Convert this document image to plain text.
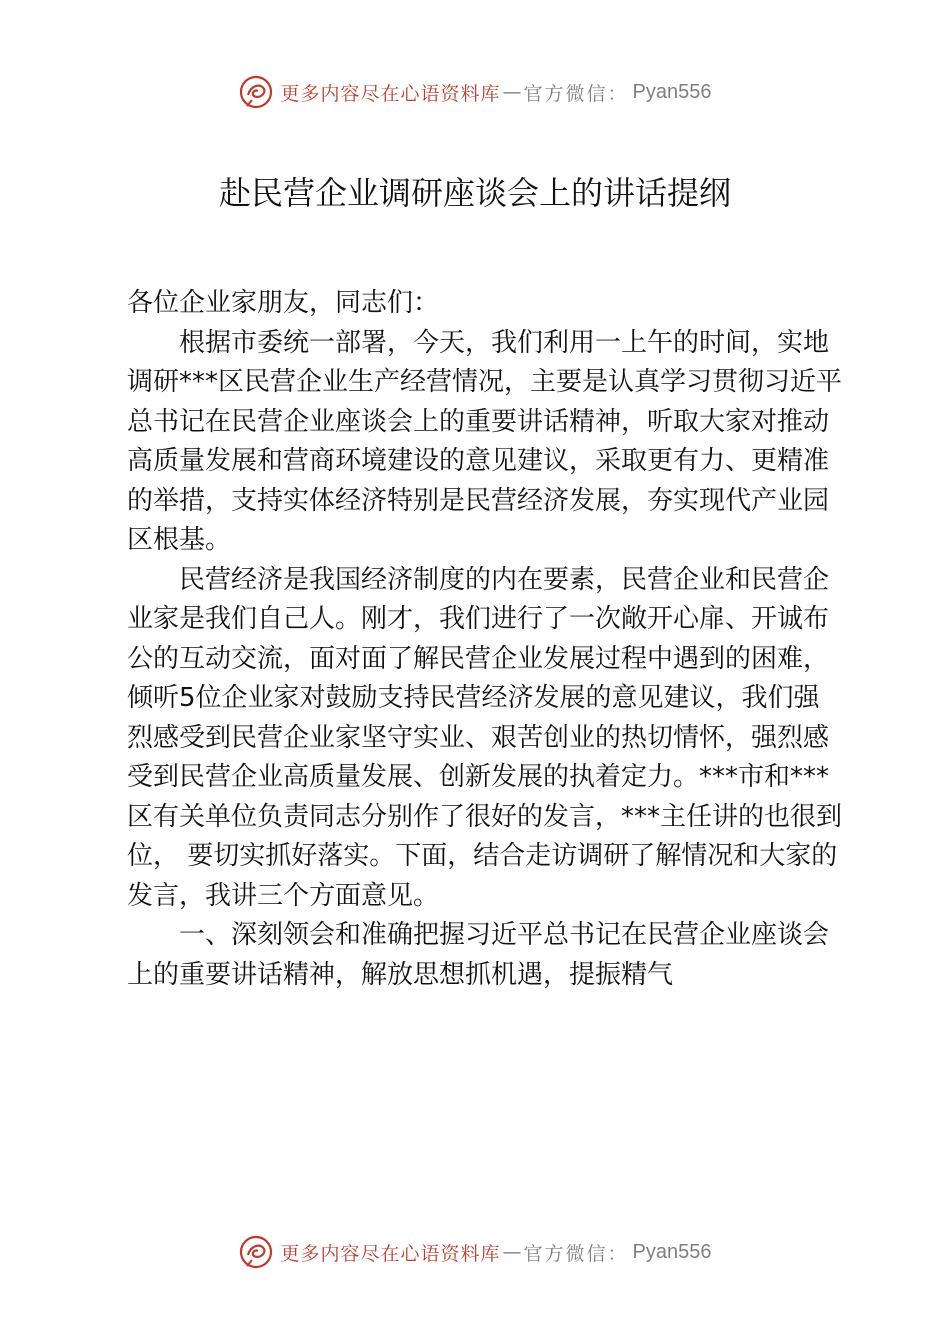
更多内容尽在心语资料库 — 官方微信： Pyan556
赴民营企业调研座谈会上的讲话提纲

各位企业家朋友，同志们：

根据市委统一部署，今天，我们利用一上午的时间，实地调研***区民营企业生产经营情况，主要是认真学习贯彻习近平总书记在民营企业座谈会上的重要讲话精神，听取大家对推动高质量发展和营商环境建设的意见建议，采取更有力、更精准的举措，支持实体经济特别是民营经济发展，夯实现代产业园区根基。

民营经济是我国经济制度的内在要素，民营企业和民营企业家是我们自己人。刚才，我们进行了一次敞开心扉、开诚布公的互动交流，面对面了解民营企业发展过程中遇到的困难，倾听5位企业家对鼓励支持民营经济发展的意见建议，我们强烈感受到民营企业家坚守实业、艰苦创业的热切情怀，强烈感受到民营企业高质量发展、创新发展的执着定力。***市和***区有关单位负责同志分别作了很好的发言，***主任讲的也很到位， 要切实抓好落实。下面，结合走访调研了解情况和大家的发言，我讲三个方面意见。

一、深刻领会和准确把握习近平总书记在民营企业座谈会上的重要讲话精神，解放思想抓机遇，提振精气

更多内容尽在心语资料库 — 官方微信： Pyan556
